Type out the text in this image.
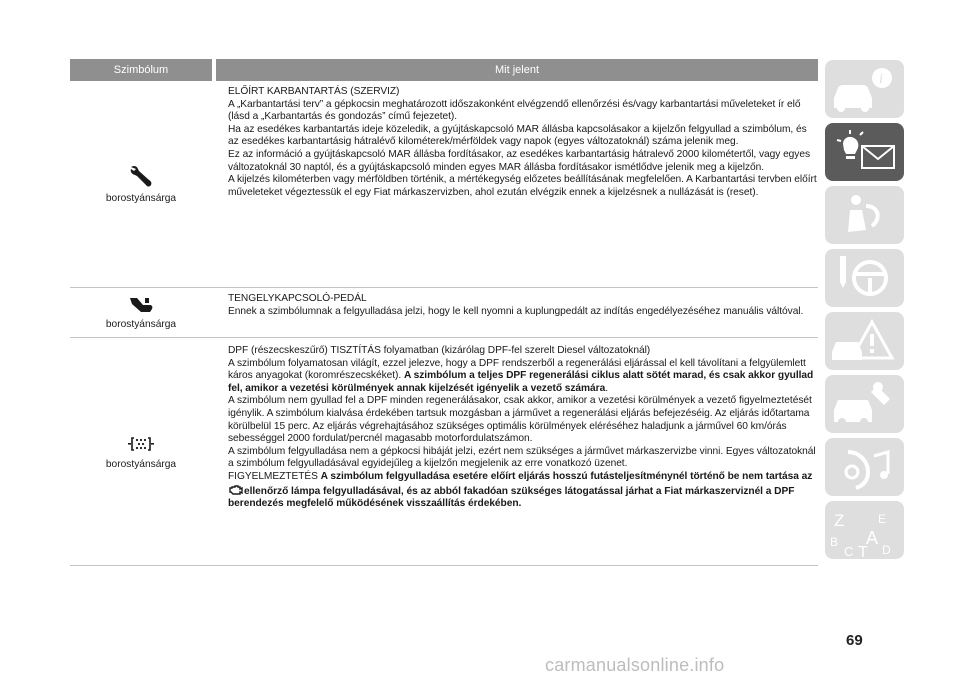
Szimbólum	Mit jelent
borostyánsárga

ELŐÍRT KARBANTARTÁS (SZERVIZ)

A „Karbantartási terv” a gépkocsin meghatározott időszakonként elvégzendő ellenőrzési és/vagy karbantartási műveleteket ír elő (lásd a „Karbantartás és gondozás” című fejezetet).

Ha az esedékes karbantartás ideje közeledik, a gyújtáskapcsoló MAR állásba kapcsolásakor a kijelzőn felgyullad a szimbólum, és az esedékes karbantartásig hátralévő kilométerek/mérföldek vagy napok (egyes változatoknál) száma jelenik meg.

Ez az információ a gyújtáskapcsoló MAR állásba fordításakor, az esedékes karbantartásig hátralevő 2000 kilométertől, vagy egyes változatoknál 30 naptól, és a gyújtáskapcsoló minden egyes MAR állásba fordításakor ismétlődve jelenik meg a kijelzőn.

A kijelzés kilométerben vagy mérföldben történik, a mértékegység előzetes beállításának megfelelően. A Karbantartási tervben előírt műveleteket végeztessük el egy Fiat márkaszervizben, ahol ezután elvégzik ennek a kijelzésnek a nullázását is (reset).

borostyánsárga

TENGELYKAPCSOLÓ-PEDÁL

Ennek a szimbólumnak a felgyulladása jelzi, hogy le kell nyomni a kuplungpedált az indítás engedélyezéséhez manuális váltóval.

borostyánsárga

DPF (részecskeszűrő) TISZTÍTÁS folyamatban (kizárólag DPF-fel szerelt Diesel változatoknál)

A szimbólum folyamatosan világít, ezzel jelezve, hogy a DPF rendszerből a regenerálási eljárással el kell távolítani a felgyülemlett káros anyagokat (koromrészecskéket). A szimbólum a teljes DPF regenerálási ciklus alatt sötét marad, és csak akkor gyullad fel, amikor a vezetési körülmények annak kijelzését igényelik a vezető számára.

A szimbólum nem gyullad fel a DPF minden regenerálásakor, csak akkor, amikor a vezetési körülmények a vezető figyelmeztetését igénylik. A szimbólum kialvása érdekében tartsuk mozgásban a járművet a regenerálási eljárás befejezéséig. Az eljárás időtartama körülbelül 15 perc. Az eljárás végrehajtásához szükséges optimális körülmények eléréséhez haladjunk a járművel 60 km/órás sebességgel 2000 fordulat/percnél magasabb motorfordulatszámon.

A szimbólum felgyulladása nem a gépkocsi hibáját jelzi, ezért nem szükséges a járművet márkaszervizbe vinni. Egyes változatoknál a szimbólum felgyulladásával egyidejűleg a kijelzőn megjelenik az erre vonatkozó üzenet.

FIGYELMEZTETÉS A szimbólum felgyulladása esetére előírt eljárás hosszú futásteljesítménynél történő be nem tartása az ellenőrző lámpa felgyulladásával, és az abból fakadóan szükséges látogatással járhat a Fiat márkaszerviznél a DPF berendezés megfelelő működésének visszaállítás érdekében.

i
Z	E
B A
C T D
69
carmanualsonline.info
